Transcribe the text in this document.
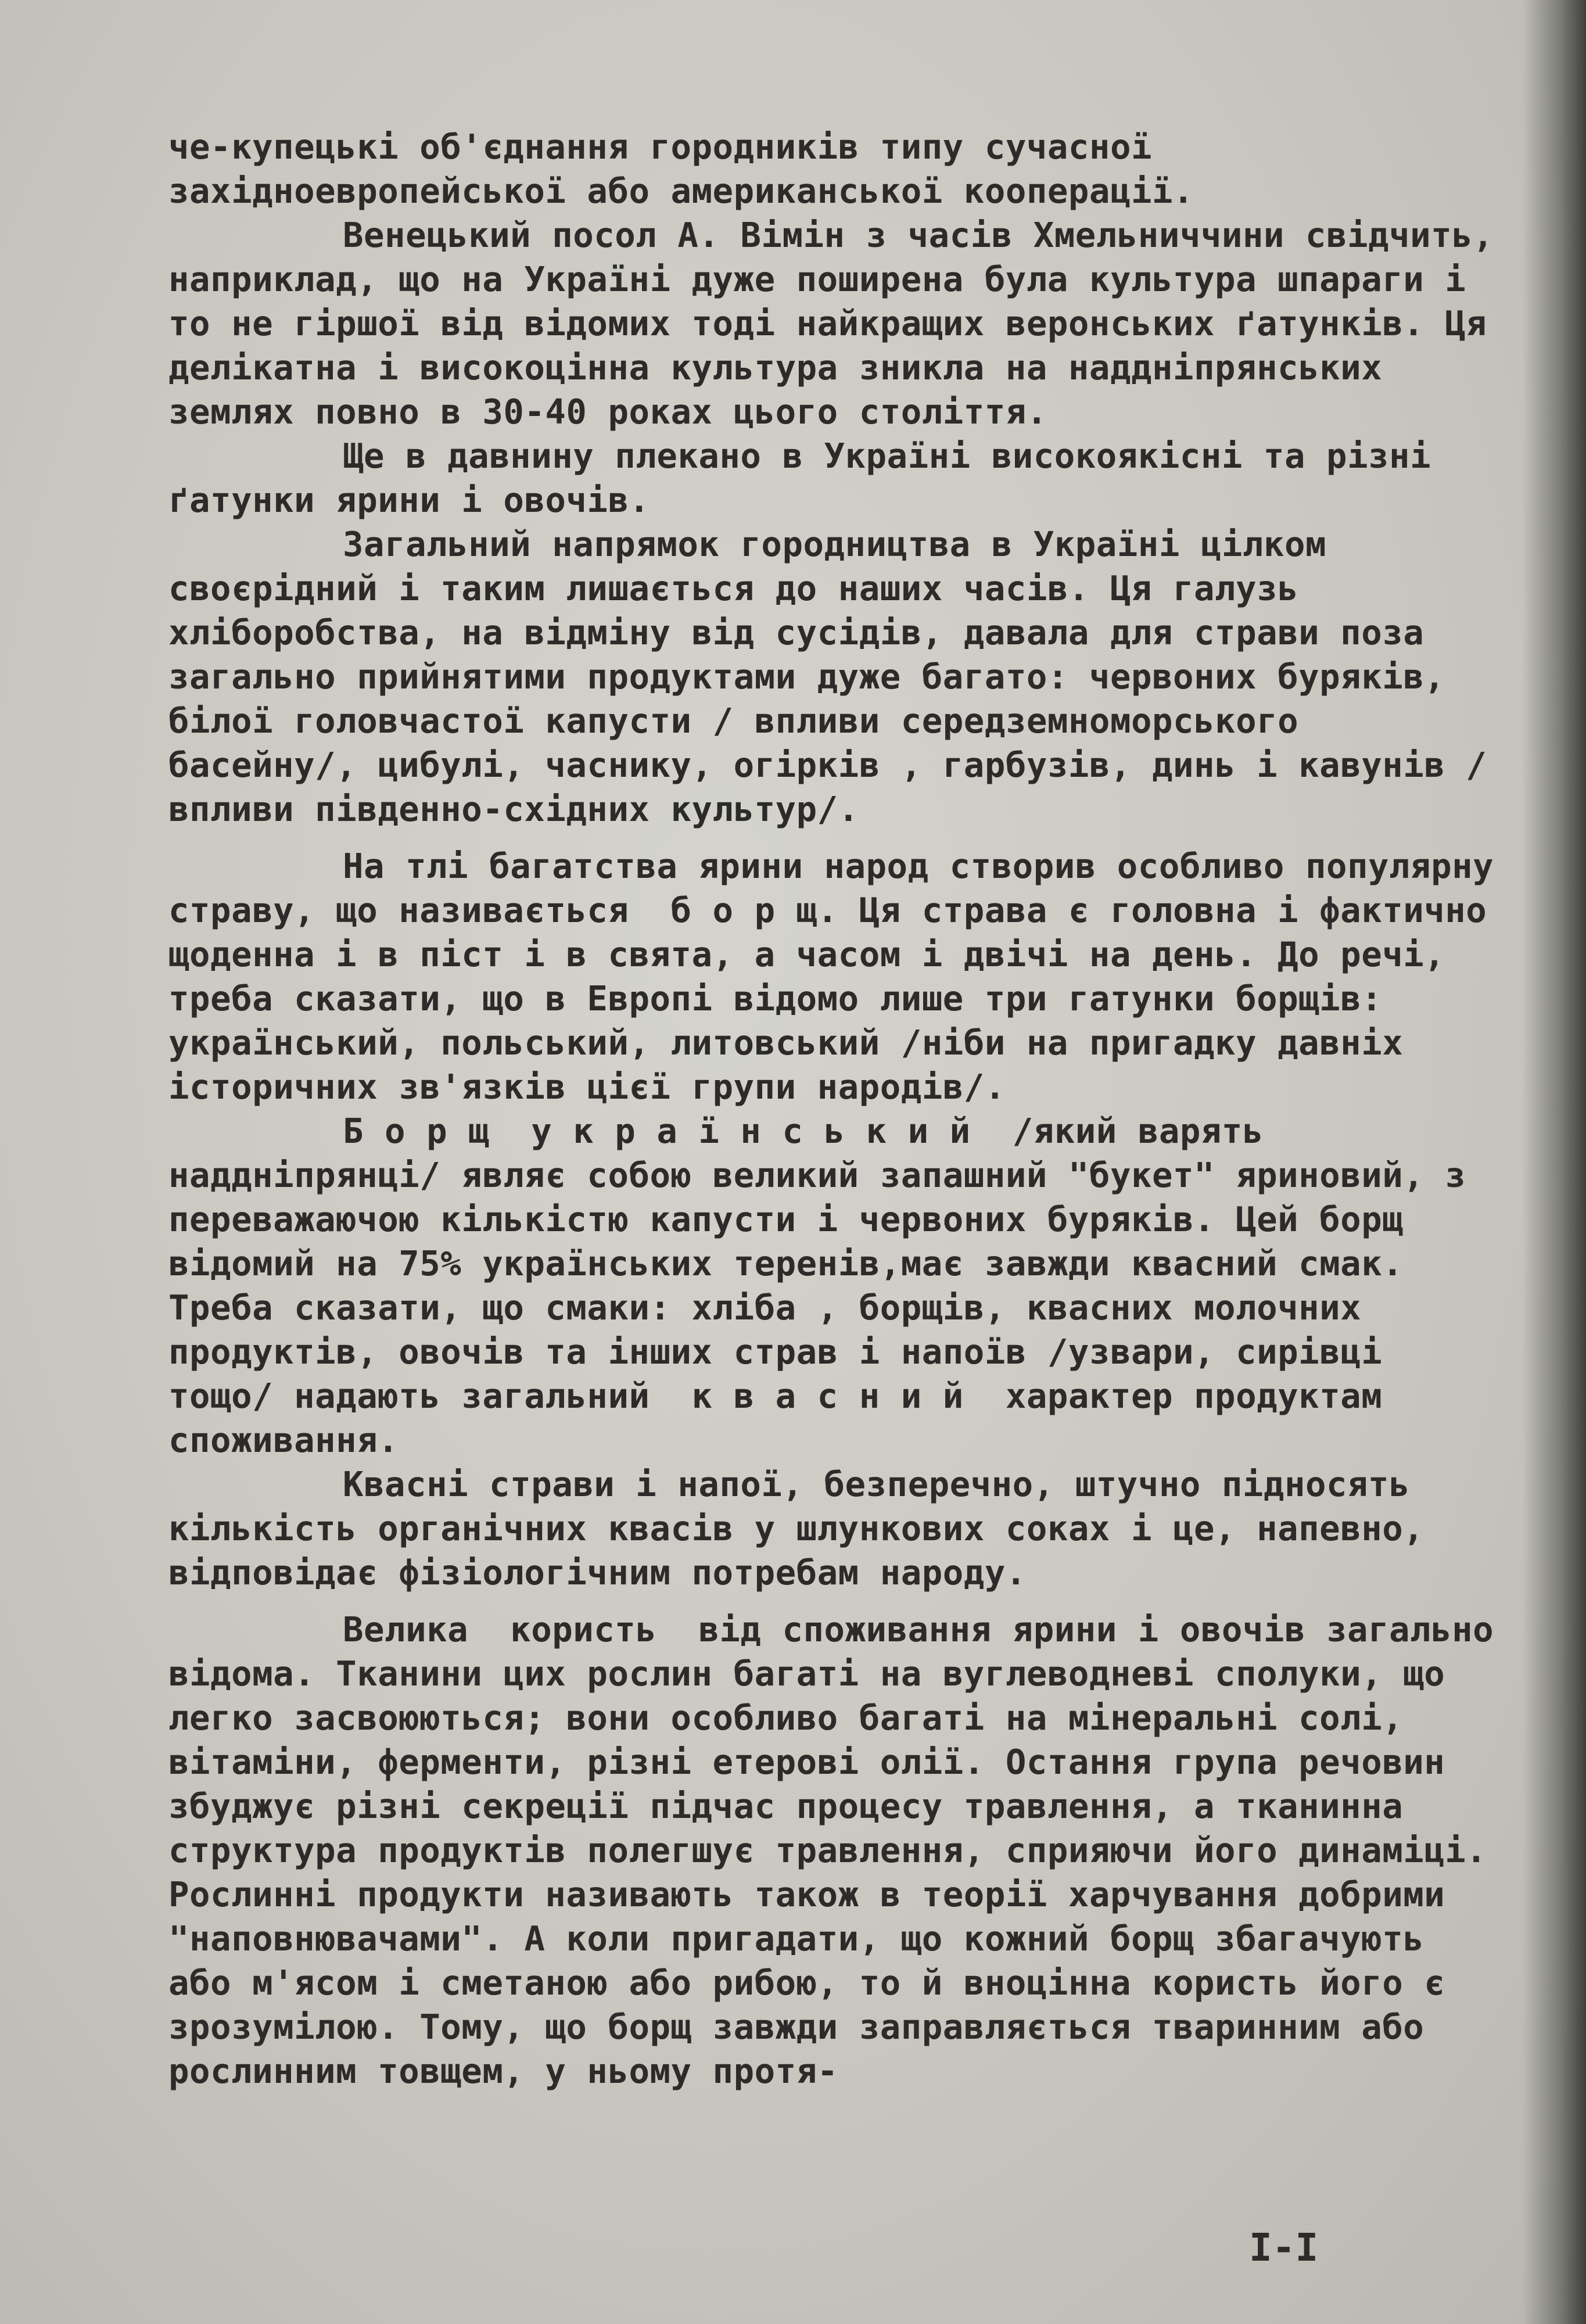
че-купецькі об'єднання городників типу сучасної західноевропейської або американської кооперації.

Венецький посол А. Вімін з часів Хмельниччини свідчить, наприклад, що на Україні дуже поширена була культура шпараги і то не гіршої від відомих тоді найкращих веронських ґатунків. Ця делікатна і високоцінна культура зникла на наддніпрянських землях повно в 30-40 роках цього століття.

Ще в давнину плекано в Україні високоякісні та різні ґатунки ярини і овочів.

Загальний напрямок городництва в Україні цілком своєрідний і таким лишається до наших часів. Ця галузь хліборобства, на відміну від сусідів, давала для страви поза загально прийнятими продуктами дуже багато: червоних буряків, білої головчастої капусти / впливи середземноморського басейну/, цибулі, часнику, огірків , гарбузів, динь і кавунів /впливи південно-східних культур/.

На тлі багатства ярини народ створив особливо популярну страву, що називається  б о р щ. Ця страва є головна і фактично щоденна і в піст і в свята, а часом і двічі на день. До речі, треба сказати, що в Европі відомо лише три гатунки борщів: український, польський, литовський /ніби на пригадку давніх історичних зв'язків цієї групи народів/.

Б о р щ  у к р а ї н с ь к и й  /який варять наддніпрянці/ являє собою великий запашний "букет" яриновий, з переважаючою кількістю капусти і червоних буряків. Цей борщ відомий на 75% українських теренів,має завжди квасний смак. Треба сказати, що смаки: хліба , борщів, квасних молочних продуктів, овочів та інших страв і напоїв /узвари, сирівці тощо/ надають загальний  к в а с н и й  характер продуктам споживання.

Квасні страви і напої, безперечно, штучно підносять кількість органічних квасів у шлункових соках і це, напевно, відповідає фізіологічним потребам народу.

Велика  користь  від споживання ярини і овочів загально відома. Тканини цих рослин багаті на вуглеводневі сполуки, що легко засвоюються; вони особливо багаті на мінеральні солі, вітаміни, ферменти, різні етерові олії. Остання група речовин збуджує різні секреції підчас процесу травлення, а тканинна структура продуктів полегшує травлення, сприяючи його динаміці. Рослинні продукти називають також в теорії харчування добрими "наповнювачами". А коли пригадати, що кожний борщ збагачують або м'ясом і сметаною або рибою, то й вноцінна користь його є зрозумілою. Тому, що борщ завжди заправляється тваринним або рослинним товщем, у ньому протя-

I-I
